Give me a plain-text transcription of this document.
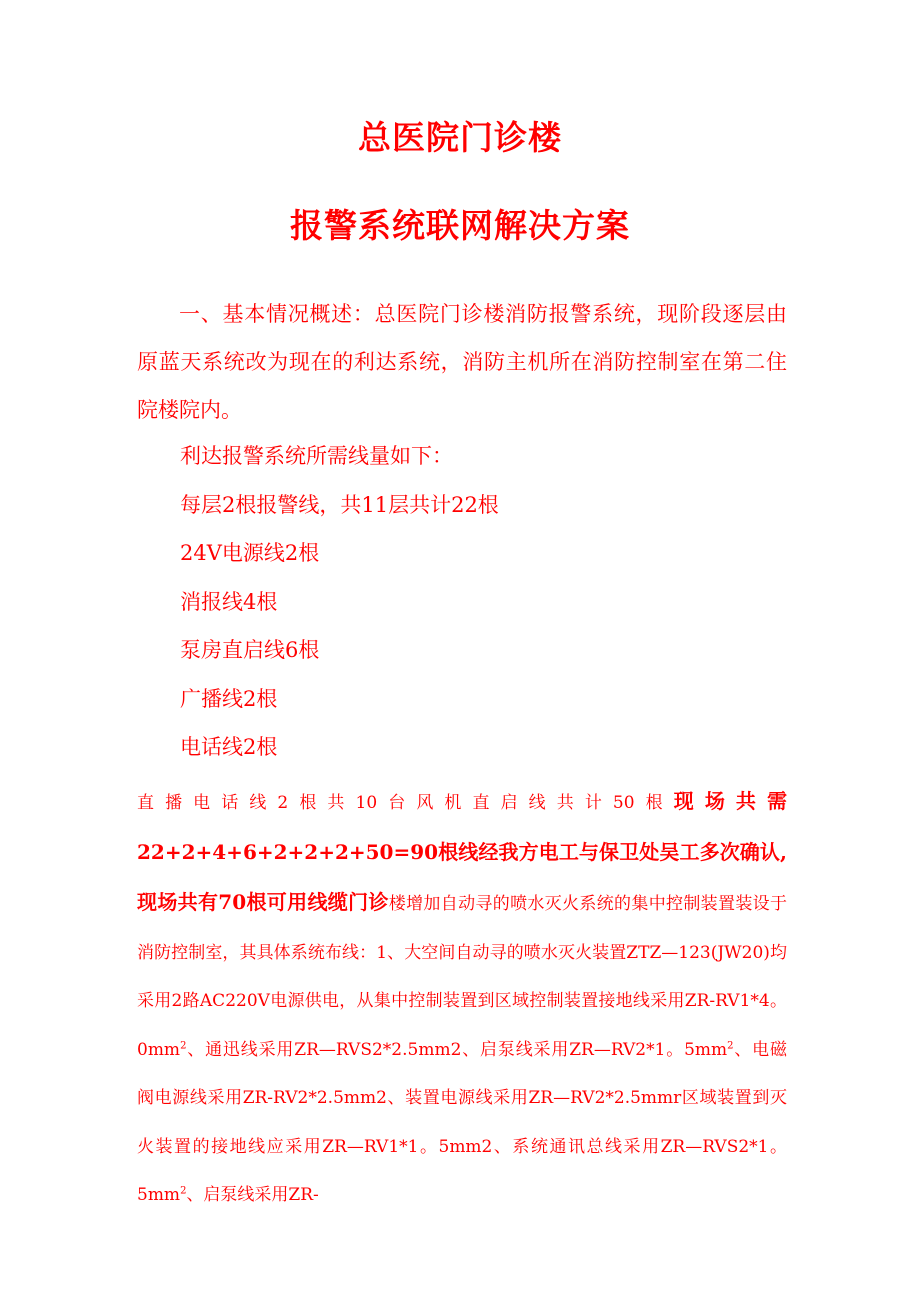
总医院门诊楼
报警系统联网解决方案
一、基本情况概述：总医院门诊楼消防报警系统，现阶段逐层由原蓝天系统改为现在的利达系统，消防主机所在消防控制室在第二住院楼院内。
利达报警系统所需线量如下：
每层2根报警线，共11层共计22根
24V电源线2根
消报线4根
泵房直启线6根
广播线2根
电话线2根
直播电话线2根共10台风机直启线共计50根现场共需22+2+4+6+2+2+2+50=90根线经我方电工与保卫处吴工多次确认,现场共有70根可用线缆门诊楼增加自动寻的喷水灭火系统的集中控制装置装设于消防控制室，其具体系统布线：1、大空间自动寻的喷水灭火装置ZTZ—123(JW20)均采用2路AC220V电源供电，从集中控制装置到区域控制装置接地线采用ZR-RV1*4。$0mm^2$、通迅线采用ZR—RVS2*2.5mm2、启泵线采用ZR—RV2*1。$5mm^2$、电磁阀电源线采用ZR-RV2*2.5mm2、装置电源线采用ZR—RV2*2.5mmr区域装置到灭火装置的接地线应采用ZR—RV1*1。5mm2、系统通讯总线采用ZR—RVS2*1。$5mm^2$、启泵线采用ZR-
